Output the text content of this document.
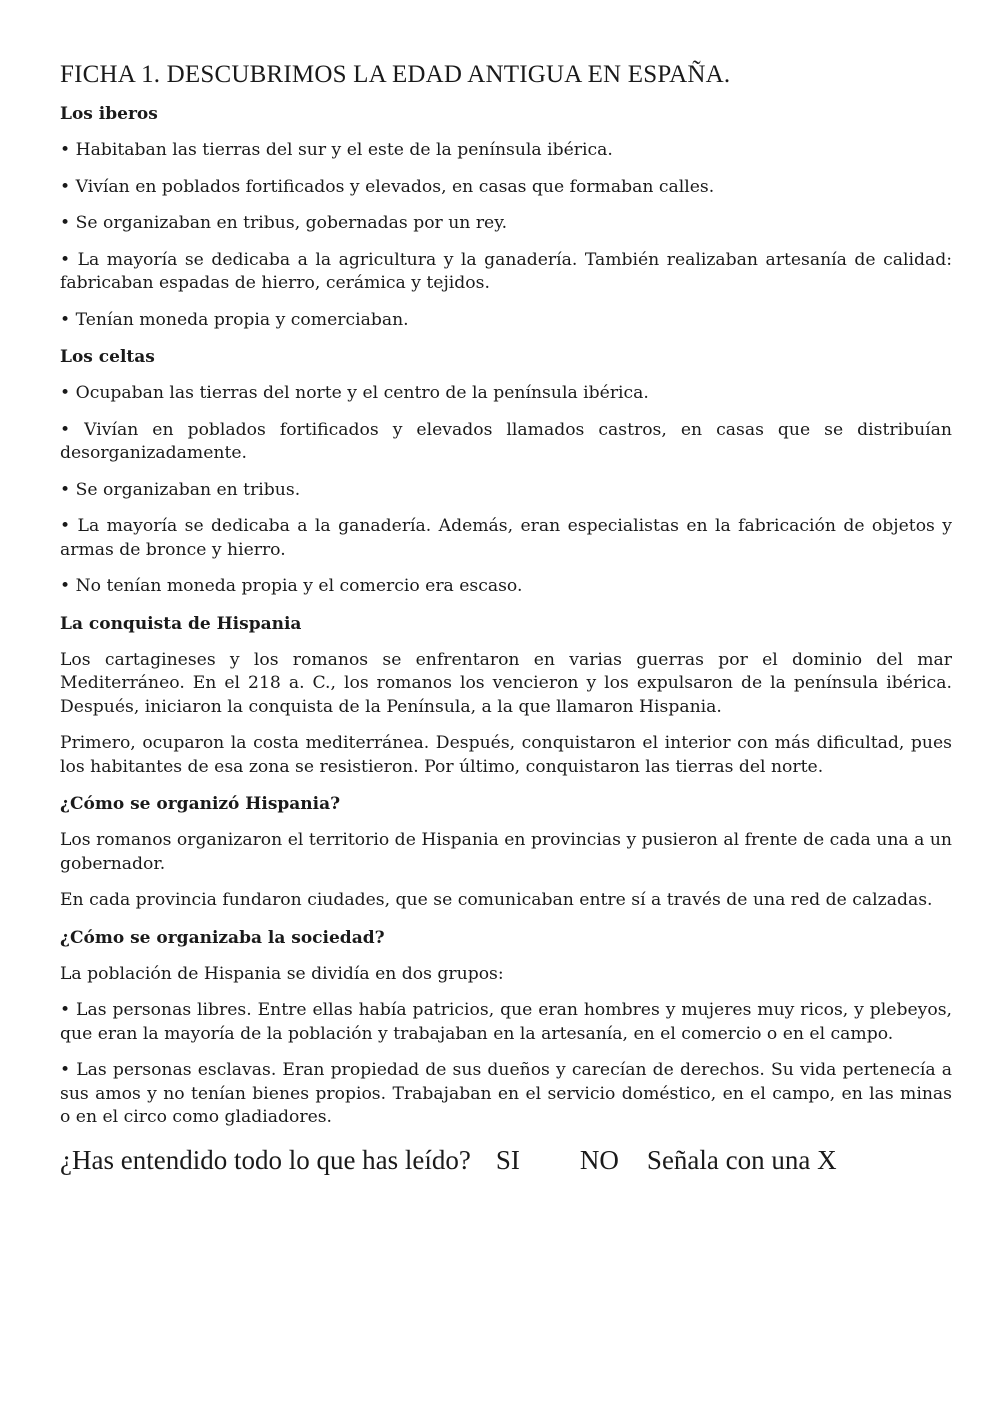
FICHA 1. DESCUBRIMOS LA EDAD ANTIGUA EN ESPAÑA.
Los iberos
• Habitaban las tierras del sur y el este de la península ibérica.
• Vivían en poblados fortificados y elevados, en casas que formaban calles.
• Se organizaban en tribus, gobernadas por un rey.
• La mayoría se dedicaba a la agricultura y la ganadería. También realizaban artesanía de calidad: fabricaban espadas de hierro, cerámica y tejidos.
• Tenían moneda propia y comerciaban.
Los celtas
• Ocupaban las tierras del norte y el centro de la península ibérica.
• Vivían en poblados fortificados y elevados llamados castros, en casas que se distribuían desorganizadamente.
• Se organizaban en tribus.
• La mayoría se dedicaba a la ganadería. Además, eran especialistas en la fabricación de objetos y armas de bronce y hierro.
• No tenían moneda propia y el comercio era escaso.
La conquista de Hispania
Los cartagineses y los romanos se enfrentaron en varias guerras por el dominio del mar Mediterráneo. En el 218 a. C., los romanos los vencieron y los expulsaron de la península ibérica. Después, iniciaron la conquista de la Península, a la que llamaron Hispania.
Primero, ocuparon la costa mediterránea. Después, conquistaron el interior con más dificultad, pues los habitantes de esa zona se resistieron. Por último, conquistaron las tierras del norte.
¿Cómo se organizó Hispania?
Los romanos organizaron el territorio de Hispania en provincias y pusieron al frente de cada una a un gobernador.
En cada provincia fundaron ciudades, que se comunicaban entre sí a través de una red de calzadas.
¿Cómo se organizaba la sociedad?
La población de Hispania se dividía en dos grupos:
• Las personas libres. Entre ellas había patricios, que eran hombres y mujeres muy ricos, y plebeyos, que eran la mayoría de la población y trabajaban en la artesanía, en el comercio o en el campo.
• Las personas esclavas. Eran propiedad de sus dueños y carecían de derechos. Su vida pertenecía a sus amos y no tenían bienes propios. Trabajaban en el servicio doméstico, en el campo, en las minas o en el circo como gladiadores.
¿Has entendido todo lo que has leído? SI NO Señala con una X
